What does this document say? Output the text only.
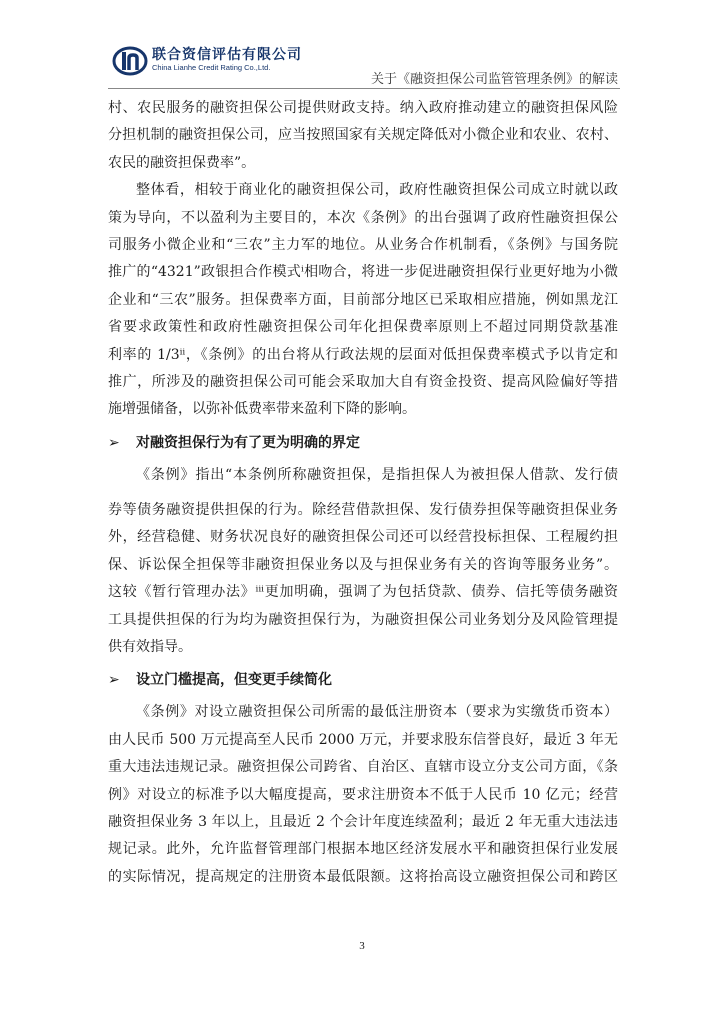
联合资信评估有限公司
China Lianhe Credit Rating Co.,Ltd.
关于《融资担保公司监管管理条例》的解读
村、农民服务的融资担保公司提供财政支持。纳入政府推动建立的融资担保风险
分担机制的融资担保公司，应当按照国家有关规定降低对小微企业和农业、农村、
农民的融资担保费率”。
整体看，相较于商业化的融资担保公司，政府性融资担保公司成立时就以政
策为导向，不以盈利为主要目的，本次《条例》的出台强调了政府性融资担保公
司服务小微企业和“三农”主力军的地位。从业务合作机制看，《条例》与国务院
推广的“4321”政银担合作模式ⁱ相吻合，将进一步促进融资担保行业更好地为小微
企业和“三农”服务。担保费率方面，目前部分地区已采取相应措施，例如黑龙江
省要求政策性和政府性融资担保公司年化担保费率原则上不超过同期贷款基准
利率的 1/3ⁱⁱ，《条例》的出台将从行政法规的层面对低担保费率模式予以肯定和
推广，所涉及的融资担保公司可能会采取加大自有资金投资、提高风险偏好等措
施增强储备，以弥补低费率带来盈利下降的影响。
➢ 对融资担保行为有了更为明确的界定
《条例》指出“本条例所称融资担保，是指担保人为被担保人借款、发行债
券等债务融资提供担保的行为。除经营借款担保、发行债券担保等融资担保业务
外，经营稳健、财务状况良好的融资担保公司还可以经营投标担保、工程履约担
保、诉讼保全担保等非融资担保业务以及与担保业务有关的咨询等服务业务”。
这较《暂行管理办法》ⁱⁱⁱ更加明确，强调了为包括贷款、债券、信托等债务融资
工具提供担保的行为均为融资担保行为，为融资担保公司业务划分及风险管理提
供有效指导。
➢ 设立门槛提高，但变更手续简化
《条例》对设立融资担保公司所需的最低注册资本（要求为实缴货币资本）
由人民币 500 万元提高至人民币 2000 万元，并要求股东信誉良好，最近 3 年无
重大违法违规记录。融资担保公司跨省、自治区、直辖市设立分支公司方面，《条
例》对设立的标准予以大幅度提高，要求注册资本不低于人民币 10 亿元；经营
融资担保业务 3 年以上，且最近 2 个会计年度连续盈利；最近 2 年无重大违法违
规记录。此外，允许监督管理部门根据本地区经济发展水平和融资担保行业发展
的实际情况，提高规定的注册资本最低限额。这将抬高设立融资担保公司和跨区
3
